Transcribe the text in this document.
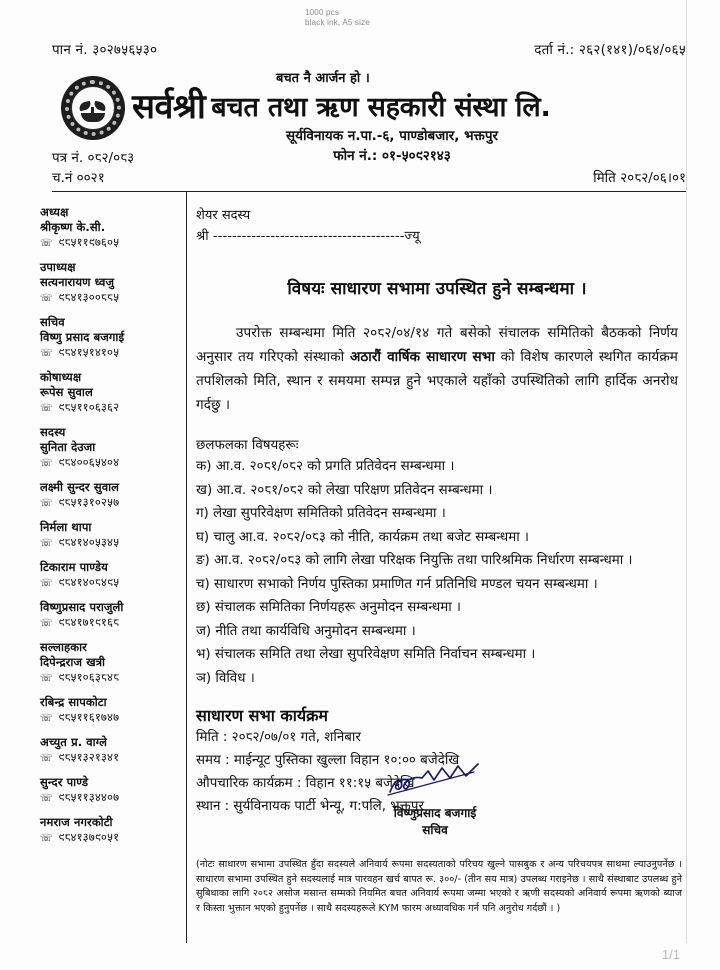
1000 pcs
black ink, A5 size
पान नं. ३०२७५६५३०	दर्ता नं.: २६२(१४१)/०६४/०६५
बचत नै आर्जन हो ।
सर्वश्री बचत तथा ऋण सहकारी संस्था लि.
सूर्यविनायक न.पा.-६, पाण्डोबजार, भक्तपुर
फोन नं.: ०१-५०९२१४३
पत्र नं. ०८२/०८३
च.नं ००२१	मिति २०८२/०६।०१
अध्यक्ष
श्रीकृष्ण के.सी.
☏ ९८५११९७६०५
उपाध्यक्ष
सत्यनारायण ध्वजु
☏ ९८४१३००८८५
सचिव
विष्णु प्रसाद बजगाई
☏ ९८४१५१४१०५
कोषाध्यक्ष
रूपेस सुवाल
☏ ९८५११०६३६२
सदस्य
सुनिता देउजा
☏ ९८४००६५४०४
लक्ष्मी सुन्दर सुवाल
☏ ९८५१३१०२५७
निर्मला थापा
☏ ९८४१४०५३४५
टिकाराम पाण्डेय
☏ ९८४१४०८४९५
विष्णुप्रसाद पराजुली
☏ ९८४१७१९१६८
सल्लाहकार
दिपेन्द्रराज खत्री
☏ ९८५१०६३८४८
रबिन्द्र सापकोटा
☏ ९८५११६१७४७
अच्युत प्र. वाग्ले
☏ ९८५१३२१३४१
सुन्दर पाण्डे
☏ ९८५११३४४०७
नमराज नगरकोटी
☏ ९८४१३७९०५१
शेयर सदस्य
श्री ----------------------------------------ज्यू
विषयः साधारण सभामा उपस्थित हुने सम्बन्धमा ।
उपरोक्त सम्बन्धमा मिति २०८२/०४/१४ गते बसेको संचालक समितिको बैठकको निर्णय अनुसार तय गरिएको संस्थाको अठारौं वार्षिक साधारण सभा को विशेष कारणले स्थगित कार्यक्रम तपशिलको मिति, स्थान र समयमा सम्पन्न हुने भएकाले यहाँको उपस्थितिको लागि हार्दिक अनरोध गर्दछु ।
छलफलका विषयहरूः
क) आ.व. २०८१/०८२ को प्रगति प्रतिवेदन सम्बन्धमा ।
ख) आ.व. २०८१/०८२ को लेखा परिक्षण प्रतिवेदन सम्बन्धमा ।
ग) लेखा सुपरिवेक्षण समितिको प्रतिवेदन सम्बन्धमा ।
घ) चालु आ.व. २०८२/०८३ को नीति, कार्यक्रम तथा बजेट सम्बन्धमा ।
ङ) आ.व. २०८२/०८३ को लागि लेखा परिक्षक नियुक्ति तथा पारिश्रमिक निर्धारण सम्बन्धमा ।
च) साधारण सभाको निर्णय पुस्तिका प्रमाणित गर्न प्रतिनिधि मण्डल चयन सम्बन्धमा ।
छ) संचालक समितिका निर्णयहरू अनुमोदन सम्बन्धमा ।
ज) नीति तथा कार्यविधि अनुमोदन सम्बन्धमा ।
भ) संचालक समिति तथा लेखा सुपरिवेक्षण समिति निर्वाचन सम्बन्धमा ।
ञ) विविध ।
साधारण सभा कार्यक्रम
मिति : २०८२/०७/०१ गते, शनिबार
समय : माईन्यूट पुस्तिका खुल्ला विहान १०:०० बजेदेखि
औपचारिक कार्यक्रम : विहान ११:१५ बजेदेखि
स्थान : सुर्यविनायक पार्टी भेन्यू, ग:पलि, भक्तपुर
विष्णुप्रसाद बजगाई
सचिव
(नोटः साधारण सभामा उपस्थित हुँदा सदस्यले अनिवार्य रूपमा सदस्यताको परिचय खुल्ने पासबुक र अन्य परिचयपत्र साथमा ल्याउनुपर्नेछ । साधारण सभामा उपस्थित हुने सदस्यलाई मात्र पारवहन खर्च बापत रू. ३००/- (तीन सय मात्र) उपलब्ध गराइनेछ । साथै संस्थाबाट उपलब्ध हुने सुबिधाका लागि २०८२ असोज मसान्त सम्मको नियमित बचत अनिवार्य रूपमा जम्मा भएको र ऋणी सदस्यको अनिवार्य रूपमा ऋणको ब्याज र किस्ता भुक्तान भएको हुनुपर्नेछ । साथै सदस्यहरूले KYM फारम अध्यावधिक गर्न पनि अनुरोध गर्दछौं । )
1/1
